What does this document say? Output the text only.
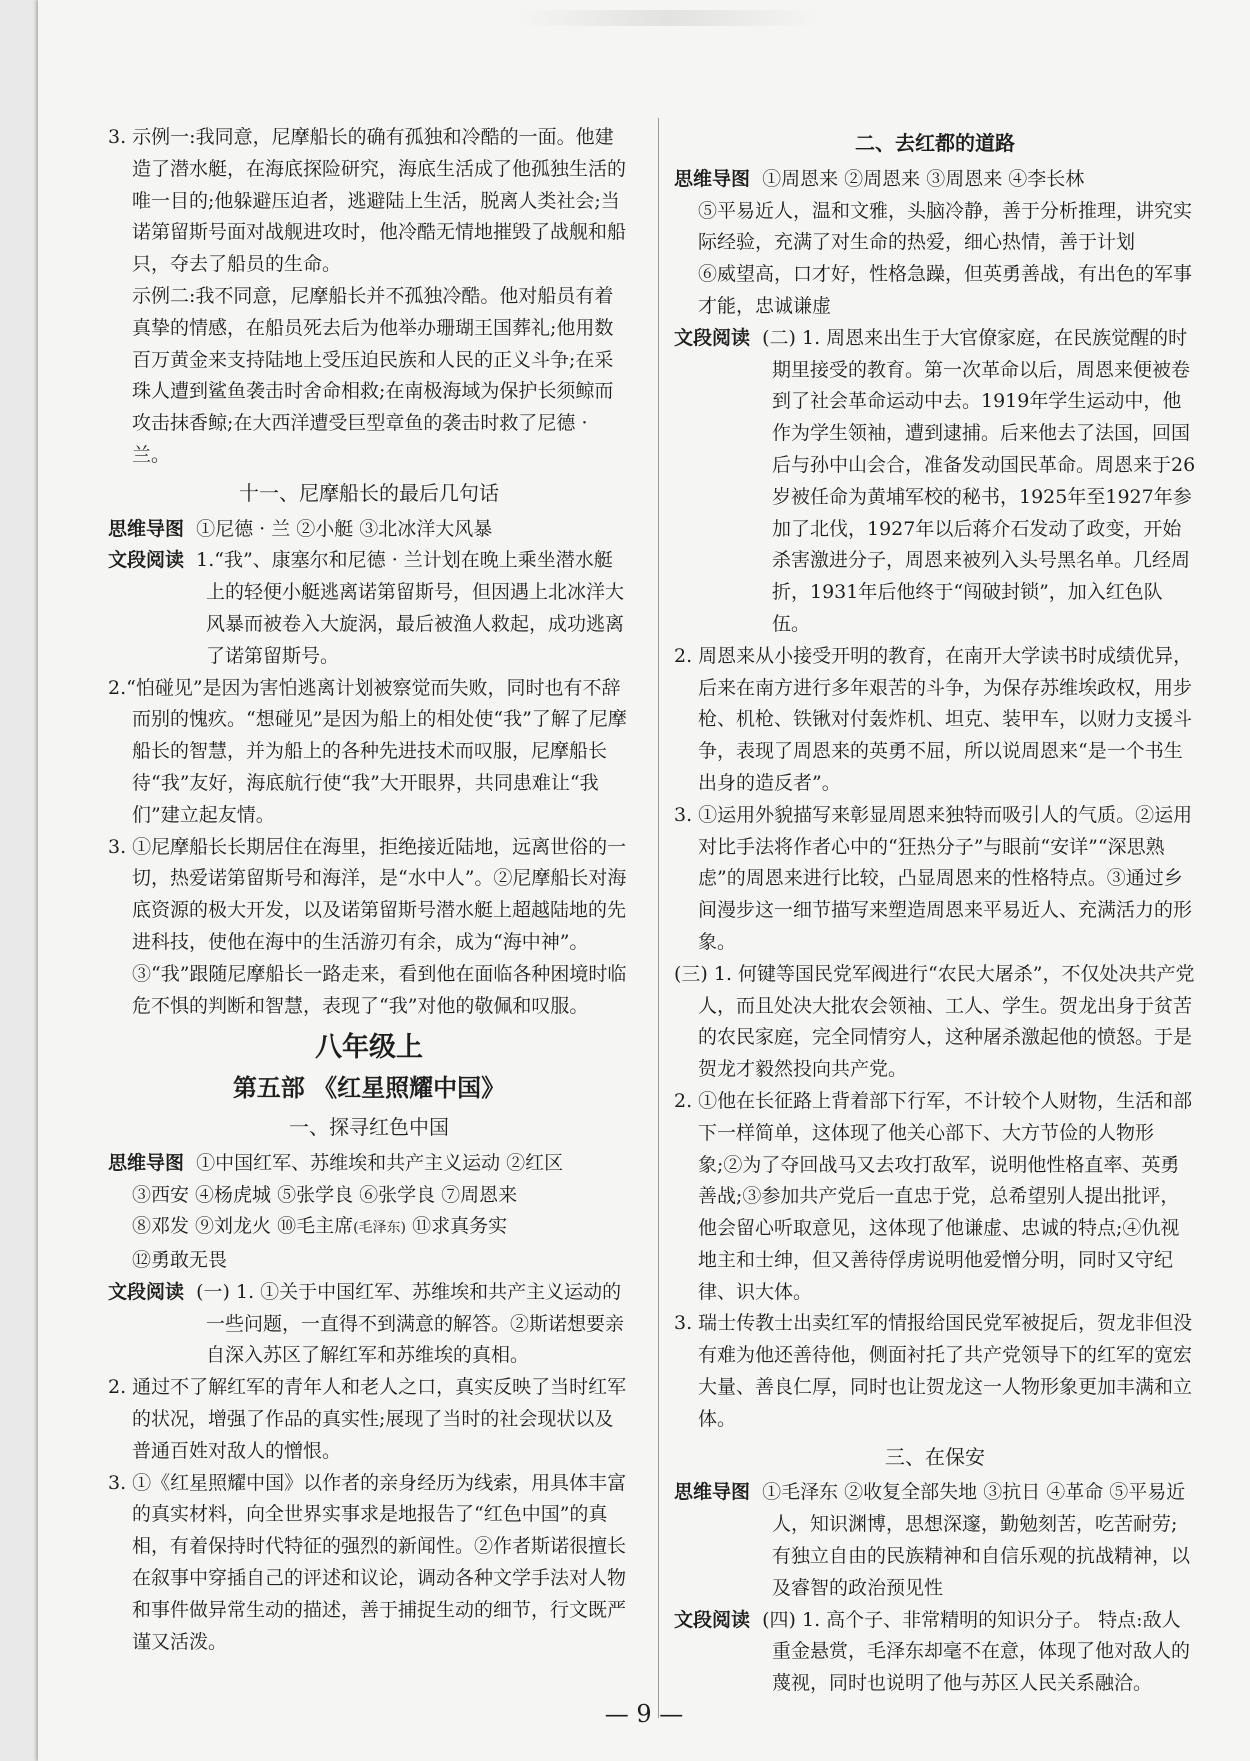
3. 示例一:我同意，尼摩船长的确有孤独和冷酷的一面。他建造了潜水艇，在海底探险研究，海底生活成了他孤独生活的唯一目的;他躲避压迫者，逃避陆上生活，脱离人类社会;当诺第留斯号面对战舰进攻时，他冷酷无情地摧毁了战舰和船只，夺去了船员的生命。

示例二:我不同意，尼摩船长并不孤独冷酷。他对船员有着真挚的情感，在船员死去后为他举办珊瑚王国葬礼;他用数百万黄金来支持陆地上受压迫民族和人民的正义斗争;在采珠人遭到鲨鱼袭击时舍命相救;在南极海域为保护长须鲸而攻击抹香鲸;在大西洋遭受巨型章鱼的袭击时救了尼德 · 兰。

十一、尼摩船长的最后几句话

思维导图 ①尼德 · 兰 ②小艇 ③北冰洋大风暴

文段阅读 1.“我”、康塞尔和尼德 · 兰计划在晚上乘坐潜水艇上的轻便小艇逃离诺第留斯号，但因遇上北冰洋大风暴而被卷入大旋涡，最后被渔人救起，成功逃离了诺第留斯号。

2.“怕碰见”是因为害怕逃离计划被察觉而失败，同时也有不辞而别的愧疚。“想碰见”是因为船上的相处使“我”了解了尼摩船长的智慧，并为船上的各种先进技术而叹服，尼摩船长待“我”友好，海底航行使“我”大开眼界，共同患难让“我们”建立起友情。

3. ①尼摩船长长期居住在海里，拒绝接近陆地，远离世俗的一切，热爱诺第留斯号和海洋，是“水中人”。②尼摩船长对海底资源的极大开发，以及诺第留斯号潜水艇上超越陆地的先进科技，使他在海中的生活游刃有余，成为“海中神”。③“我”跟随尼摩船长一路走来，看到他在面临各种困境时临危不惧的判断和智慧，表现了“我”对他的敬佩和叹服。

八年级上

第五部 《红星照耀中国》

一、探寻红色中国

思维导图 ①中国红军、苏维埃和共产主义运动 ②红区

③西安 ④杨虎城 ⑤张学良 ⑥张学良 ⑦周恩来

⑧邓发 ⑨刘龙火 ⑩毛主席(毛泽东) ⑪求真务实

⑫勇敢无畏

文段阅读 (一) 1. ①关于中国红军、苏维埃和共产主义运动的一些问题，一直得不到满意的解答。②斯诺想要亲自深入苏区了解红军和苏维埃的真相。

2. 通过不了解红军的青年人和老人之口，真实反映了当时红军的状况，增强了作品的真实性;展现了当时的社会现状以及普通百姓对敌人的憎恨。

3. ①《红星照耀中国》以作者的亲身经历为线索，用具体丰富的真实材料，向全世界实事求是地报告了“红色中国”的真相，有着保持时代特征的强烈的新闻性。②作者斯诺很擅长在叙事中穿插自己的评述和议论，调动各种文学手法对人物和事件做异常生动的描述，善于捕捉生动的细节，行文既严谨又活泼。

二、去红都的道路

思维导图 ①周恩来 ②周恩来 ③周恩来 ④李长林

⑤平易近人，温和文雅，头脑冷静，善于分析推理，讲究实际经验，充满了对生命的热爱，细心热情，善于计划

⑥威望高，口才好，性格急躁，但英勇善战，有出色的军事才能，忠诚谦虚

文段阅读 (二) 1. 周恩来出生于大官僚家庭，在民族觉醒的时期里接受的教育。第一次革命以后，周恩来便被卷到了社会革命运动中去。1919年学生运动中，他作为学生领袖，遭到逮捕。后来他去了法国，回国后与孙中山会合，准备发动国民革命。周恩来于26岁被任命为黄埔军校的秘书，1925年至1927年参加了北伐，1927年以后蒋介石发动了政变，开始杀害激进分子，周恩来被列入头号黑名单。几经周折，1931年后他终于“闯破封锁”，加入红色队伍。

2. 周恩来从小接受开明的教育，在南开大学读书时成绩优异，后来在南方进行多年艰苦的斗争，为保存苏维埃政权，用步枪、机枪、铁锹对付轰炸机、坦克、装甲车，以财力支援斗争，表现了周恩来的英勇不屈，所以说周恩来“是一个书生出身的造反者”。

3. ①运用外貌描写来彰显周恩来独特而吸引人的气质。②运用对比手法将作者心中的“狂热分子”与眼前“安详”“深思熟虑”的周恩来进行比较，凸显周恩来的性格特点。③通过乡间漫步这一细节描写来塑造周恩来平易近人、充满活力的形象。

(三) 1. 何键等国民党军阀进行“农民大屠杀”，不仅处决共产党人，而且处决大批农会领袖、工人、学生。贺龙出身于贫苦的农民家庭，完全同情穷人，这种屠杀激起他的愤怒。于是贺龙才毅然投向共产党。

2. ①他在长征路上背着部下行军，不计较个人财物，生活和部下一样简单，这体现了他关心部下、大方节俭的人物形象;②为了夺回战马又去攻打敌军，说明他性格直率、英勇善战;③参加共产党后一直忠于党，总希望别人提出批评，他会留心听取意见，这体现了他谦虚、忠诚的特点;④仇视地主和士绅，但又善待俘虏说明他爱憎分明，同时又守纪律、识大体。

3. 瑞士传教士出卖红军的情报给国民党军被捉后，贺龙非但没有难为他还善待他，侧面衬托了共产党领导下的红军的宽宏大量、善良仁厚，同时也让贺龙这一人物形象更加丰满和立体。

三、在保安

思维导图 ①毛泽东 ②收复全部失地 ③抗日 ④革命 ⑤平易近人，知识渊博，思想深邃，勤勉刻苦，吃苦耐劳;有独立自由的民族精神和自信乐观的抗战精神，以及睿智的政治预见性

文段阅读 (四) 1. 高个子、非常精明的知识分子。 特点:敌人重金悬赏，毛泽东却毫不在意，体现了他对敌人的蔑视，同时也说明了他与苏区人民关系融洽。

— 9 —
